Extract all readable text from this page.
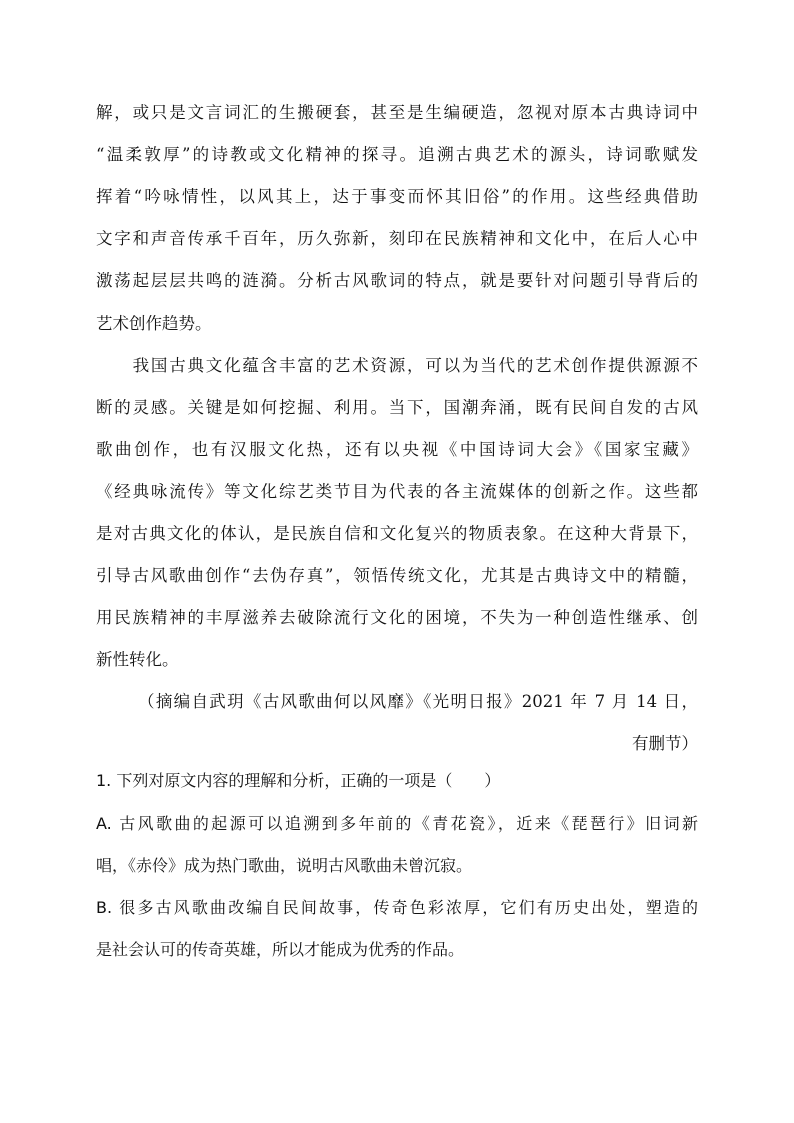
解，或只是文言词汇的生搬硬套，甚至是生编硬造，忽视对原本古典诗词中
“温柔敦厚”的诗教或文化精神的探寻。追溯古典艺术的源头，诗词歌赋发
挥着“吟咏情性，以风其上，达于事变而怀其旧俗”的作用。这些经典借助
文字和声音传承千百年，历久弥新，刻印在民族精神和文化中，在后人心中
激荡起层层共鸣的涟漪。分析古风歌词的特点，就是要针对问题引导背后的
艺术创作趋势。
　　我国古典文化蕴含丰富的艺术资源，可以为当代的艺术创作提供源源不
断的灵感。关键是如何挖掘、利用。当下，国潮奔涌，既有民间自发的古风
歌曲创作，也有汉服文化热，还有以央视《中国诗词大会》《国家宝藏》
《经典咏流传》等文化综艺类节目为代表的各主流媒体的创新之作。这些都
是对古典文化的体认，是民族自信和文化复兴的物质表象。在这种大背景下，
引导古风歌曲创作“去伪存真”，领悟传统文化，尤其是古典诗文中的精髓，
用民族精神的丰厚滋养去破除流行文化的困境，不失为一种创造性继承、创
新性转化。
（摘编自武玥《古风歌曲何以风靡》《光明日报》2021 年 7 月 14 日，
有删节）
1. 下列对原文内容的理解和分析，正确的一项是（　　）
A. 古风歌曲的起源可以追溯到多年前的《青花瓷》，近来《琵琶行》旧词新
唱，《赤伶》成为热门歌曲，说明古风歌曲未曾沉寂。
B. 很多古风歌曲改编自民间故事，传奇色彩浓厚，它们有历史出处，塑造的
是社会认可的传奇英雄，所以才能成为优秀的作品。
